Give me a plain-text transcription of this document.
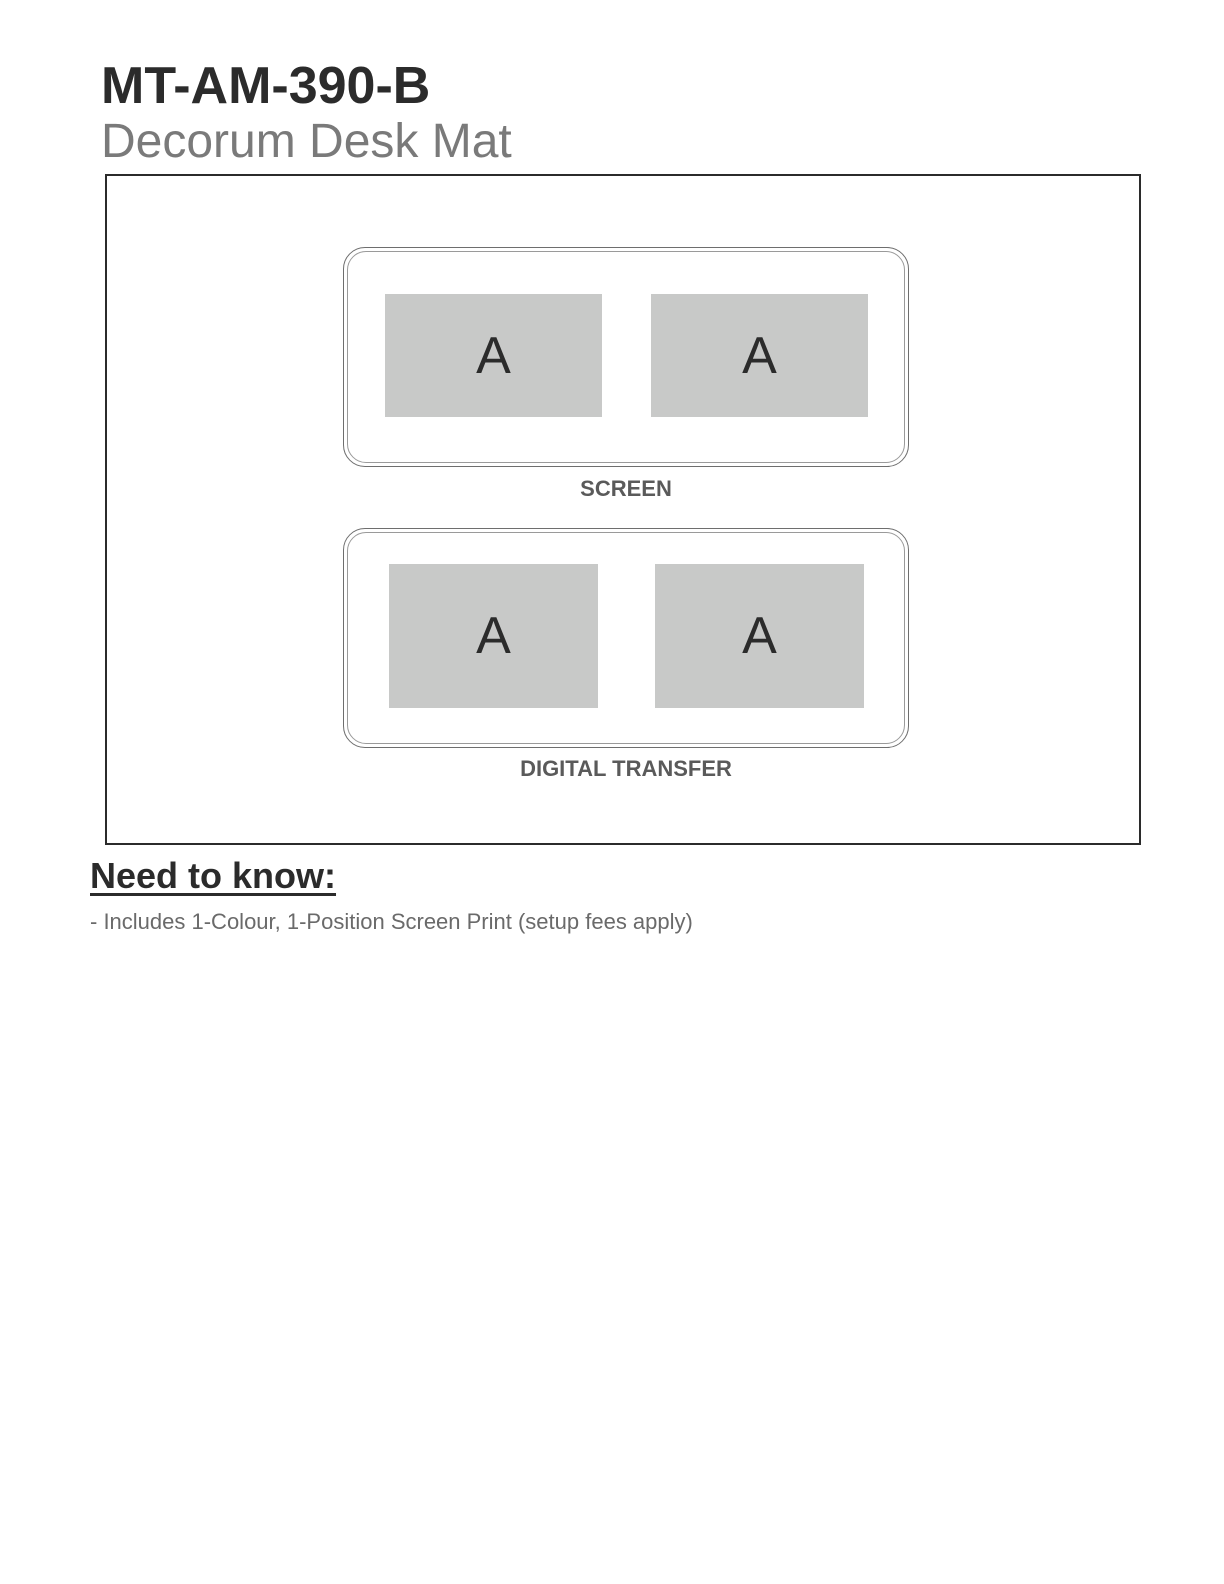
MT-AM-390-B
Decorum Desk Mat
A	A
SCREEN
A	A
DIGITAL TRANSFER
Need to know:
- Includes 1-Colour, 1-Position Screen Print (setup fees apply)
